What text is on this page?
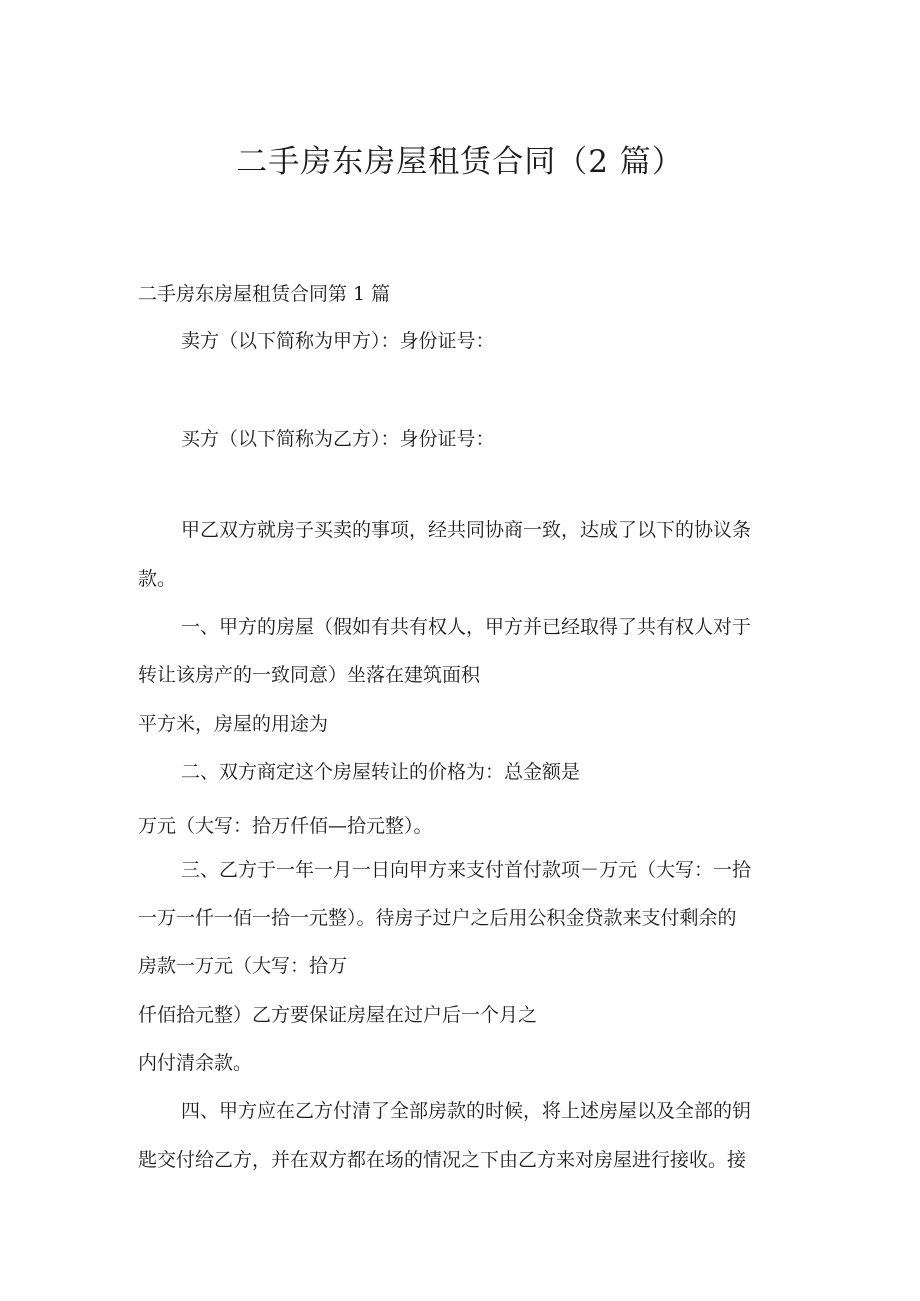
二手房东房屋租赁合同（2 篇）

二手房东房屋租赁合同第 1 篇

卖方（以下简称为甲方）：身份证号：

买方（以下简称为乙方）：身份证号：

甲乙双方就房子买卖的事项，经共同协商一致，达成了以下的协议条

款。

一、甲方的房屋（假如有共有权人，甲方并已经取得了共有权人对于

转让该房产的一致同意）坐落在建筑面积

平方米，房屋的用途为

二、双方商定这个房屋转让的价格为：总金额是

万元（大写：拾万仟佰—拾元整）。

三、乙方于一年一月一日向甲方来支付首付款项－万元（大写：一拾

一万一仟一佰一拾一元整）。待房子过户之后用公积金贷款来支付剩余的

房款一万元（大写：拾万

仟佰拾元整）乙方要保证房屋在过户后一个月之

内付清余款。

四、甲方应在乙方付清了全部房款的时候，将上述房屋以及全部的钥

匙交付给乙方，并在双方都在场的情况之下由乙方来对房屋进行接收。接
